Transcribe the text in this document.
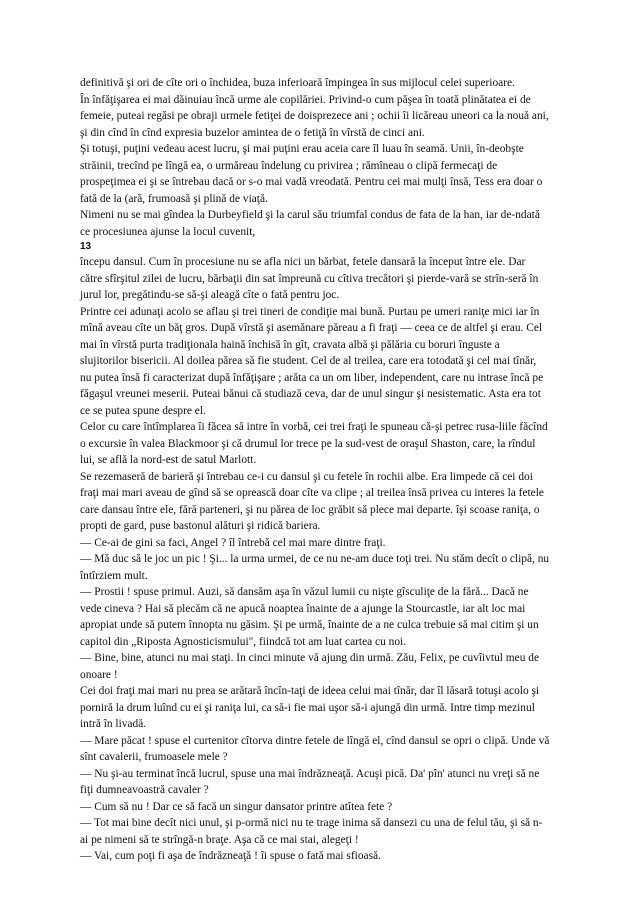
definitivă şi ori de cîte ori o închidea, buza inferioară împingea în sus mijlocul celei superioare.

În înfăţişarea ei mai dăinuiau încă urme ale copilăriei. Privind-o cum păşea în toată plinătatea ei de femeie, puteai regăsi pe obraji urmele fetiţei de doisprezece ani ; ochii îi licăreau uneori ca la nouă ani, şi din cînd în cînd expresia buzelor amintea de o fetiţă în vîrstă de cinci ani.

Şi totuşi, puţini vedeau acest lucru, şi mai puţini erau aceia care îl luau în seamă. Unii, în-deobşte străinii, trecînd pe lîngă ea, o urmăreau îndelung cu privirea ; rămîneau o clipă fermecaţi de prospeţimea ei şi se întrebau dacă or s-o mai vadă vreodată. Pentru cei mai mulţi însă, Tess era doar o fată de la (ară, frumoasă şi plină de viaţă.

Nimeni nu se mai gîndea la Durbeyfield şi la carul său triumfal condus de fata de la han, iar de-ndată ce procesiunea ajunse la locul cuvenit,

13

începu dansul. Cum în procesiune nu se afla nici un bărbat, fetele dansară la început între ele. Dar către sfîrşitul zilei de lucru, bărbaţii din sat împreună cu cîtiva trecători şi pierde-vară se strîn-seră în jurul lor, pregătindu-se să-şi aleagă cîte o fată pentru joc.

Printre cei adunaţi acolo se aflau şi trei tineri de condiţie mai bună. Purtau pe umeri raniţe mici iar în mînă aveau cîte un băţ gros. După vîrstă şi asemănare păreau a fi fraţi — ceea ce de altfel şi erau. Cel mai în vîrstă purta tradiţionala haină închisă în gît, cravata albă şi pălăria cu boruri înguste a slujitorilor bisericii. Al doilea părea să fie student. Cel de al treilea, care era totodată şi cel mai tînăr, nu putea însă fi caracterizat după înfăţişare ; arăta ca un om liber, independent, care nu intrase încă pe făgaşul vreunei meserii. Puteai bănui că studiază ceva, dar de unul singur şi nesistematic. Asta era tot ce se putea spune despre el.

Celor cu care întîmplarea îi făcea să intre în vorbă, cei trei fraţi le spuneau că-şi petrec rusa-liile făcînd o excursie în valea Blackmoor şi că drumul lor trece pe la sud-vest de oraşul Shaston, care, la rîndul lui, se află la nord-est de satul Marlott.

Se rezemaseră de barieră şi întrebau ce-i cu dansul şi cu fetele în rochii albe. Era limpede că cei doi fraţi mai mari aveau de gînd să se oprească doar cîte va clipe ; al treilea însă privea cu interes la fetele care dansau între ele, fără parteneri, şi nu părea de loc grăbit să plece mai departe. îşi scoase raniţa, o propti de gard, puse bastonul alături şi ridică bariera.

— Ce-ai de gini sa faci, Angel ? îl întrebă cel mai mare dintre fraţi.

— Mă duc să le joc un pic ! Şi... la urma urmei, de ce nu ne-am duce toţi trei. Nu stăm decît o clipă, nu întîrziem mult.

— Prostii ! spuse primul. Auzi, să dansăm aşa în văzul lumii cu nişte gîsculiţe de la fără... Dacă ne vede cineva ? Hai să plecăm că ne apucă noaptea înainte de a ajunge la Stourcastle, iar alt loc mai apropiat unde să putem înnopta nu găsim. Şi pe urmă, înainte de a ne culca trebuie să mai citim şi un capitol din „Riposta Agnosticismului", fiindcă tot am luat cartea cu noi.

— Bine, bine, atunci nu mai staţi. In cinci minute vă ajung din urmă. Zău, Felix, pe cuvîivtul meu de onoare !

Cei doi fraţi mai mari nu prea se arătară încîn-taţi de ideea celui mai tînăr, dar îl lăsară totuşi acolo şi porniră la drum luînd cu ei şi raniţa lui, ca să-i fie mai uşor să-i ajungă din urmă. Intre timp mezinul intră în livadă.

— Mare păcat ! spuse el curtenitor cîtorva dintre fetele de lîngă el, cînd dansul se opri o clipă. Unde vă sînt cavalerii, frumoasele mele ?

— Nu şi-au terminat încă lucrul, spuse una mai îndrăzneaţă. Acuşi pică. Da' pîn' atunci nu vreţi să ne fiţi dumneavoastră cavaler ?

— Cum să nu ! Dar ce să facă un singur dansator printre atîtea fete ?

— Tot mai bine decît nici unul, şi p-ormă nici nu te trage inima să dansezi cu una de felul tău, şi să n-ai pe nimeni să te strîngă-n braţe. Aşa că ce mai stai, alegeţi !

— Vai, cum poţi fi aşa de îndrăzneaţă ! îi spuse o fată mai sfioasă.
